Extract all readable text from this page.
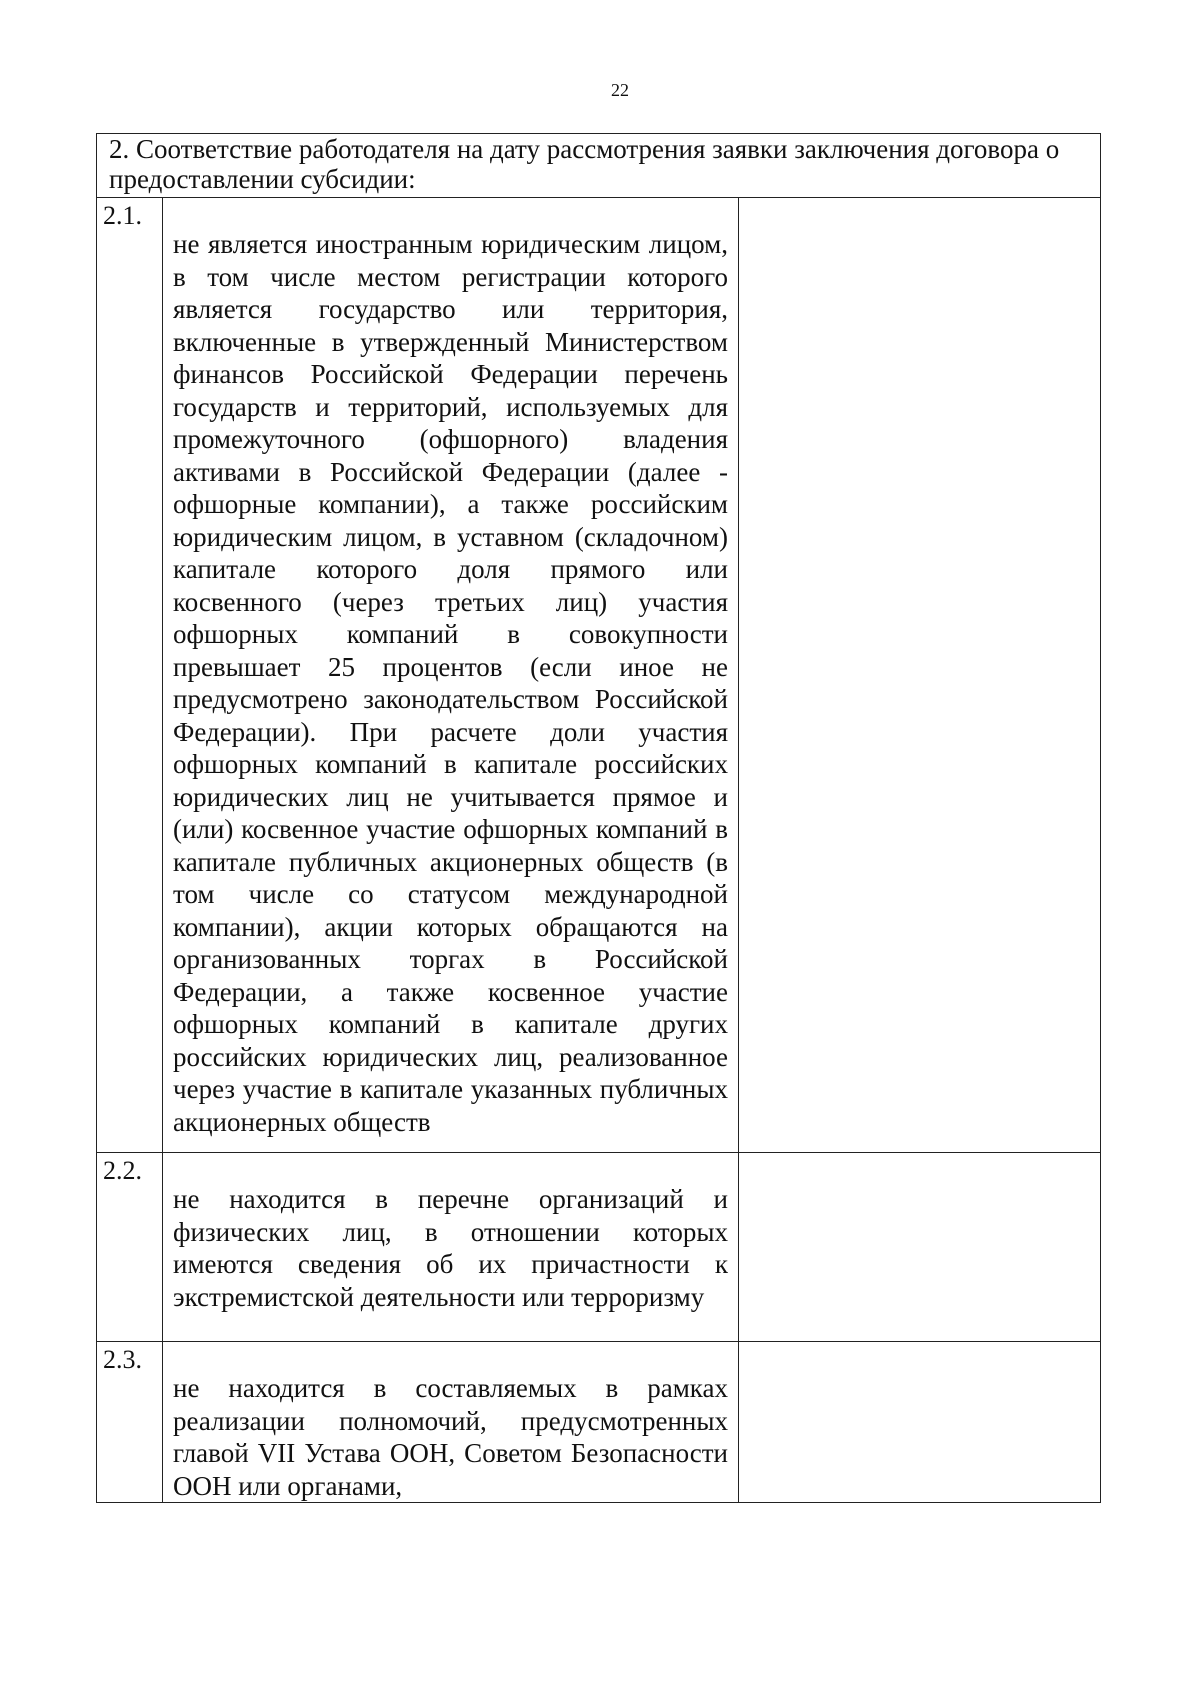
22
2. Соответствие работодателя на дату рассмотрения заявки заключения договора о предоставлении субсидии:		
2.1.	не является иностранным юридическим лицом, в том числе местом регистрации которого является государство или территория, включенные в утвержденный Министерством финансов Российской Федерации перечень государств и территорий, используемых для промежуточного (офшорного) владения активами в Российской Федерации (далее - офшорные компании), а также российским юридическим лицом, в уставном (складочном) капитале которого доля прямого или косвенного (через третьих лиц) участия офшорных компаний в совокупности превышает 25 процентов (если иное не предусмотрено законодательством Российской Федерации). При расчете доли участия офшорных компаний в капитале российских юридических лиц не учитывается прямое и (или) косвенное участие офшорных компаний в капитале публичных акционерных обществ (в том числе со статусом международной компании), акции которых обращаются на организованных торгах в Российской Федерации, а также косвенное участие офшорных компаний в капитале других российских юридических лиц, реализованное через участие в капитале указанных публичных акционерных обществ	
2.2.	не находится в перечне организаций и физических лиц, в отношении которых имеются сведения об их причастности к экстремистской деятельности или терроризму	
2.3.	не находится в составляемых в рамках реализации полномочий, предусмотренных главой VII Устава ООН, Советом Безопасности ООН или органами,	
